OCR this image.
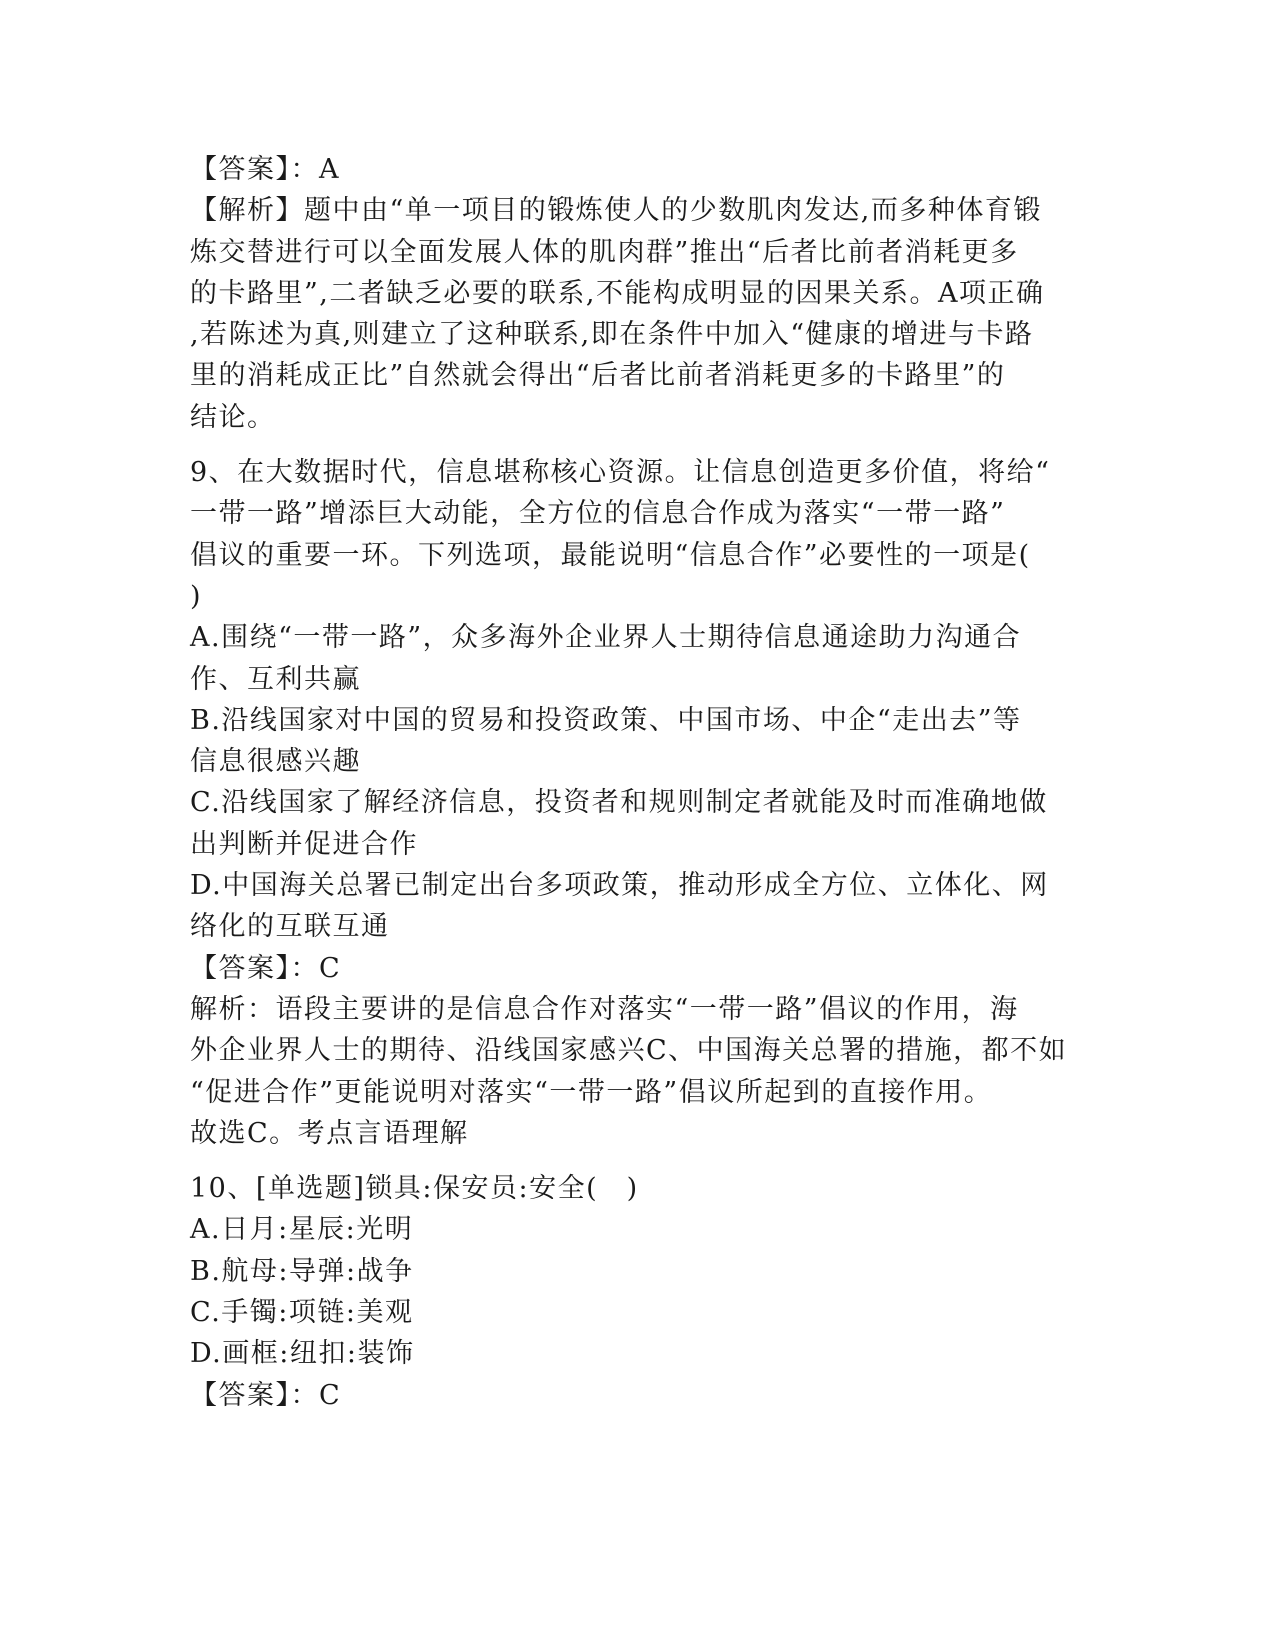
【答案】：A
【解析】题中由“单一项目的锻炼使人的少数肌肉发达,而多种体育锻
炼交替进行可以全面发展人体的肌肉群”推出“后者比前者消耗更多
的卡路里”,二者缺乏必要的联系,不能构成明显的因果关系。A项正确
,若陈述为真,则建立了这种联系,即在条件中加入“健康的增进与卡路
里的消耗成正比”自然就会得出“后者比前者消耗更多的卡路里”的
结论。
9、在大数据时代，信息堪称核心资源。让信息创造更多价值，将给“
一带一路”增添巨大动能，全方位的信息合作成为落实“一带一路”
倡议的重要一环。下列选项，最能说明“信息合作”必要性的一项是(
)
A.围绕“一带一路”，众多海外企业界人士期待信息通途助力沟通合
作、互利共赢
B.沿线国家对中国的贸易和投资政策、中国市场、中企“走出去”等
信息很感兴趣
C.沿线国家了解经济信息，投资者和规则制定者就能及时而准确地做
出判断并促进合作
D.中国海关总署已制定出台多项政策，推动形成全方位、立体化、网
络化的互联互通
【答案】：C
解析：语段主要讲的是信息合作对落实“一带一路”倡议的作用，海
外企业界人士的期待、沿线国家感兴C、中国海关总署的措施，都不如
“促进合作”更能说明对落实“一带一路”倡议所起到的直接作用。
故选C。考点言语理解
10、[单选题]锁具:保安员:安全(　)
A.日月:星辰:光明
B.航母:导弹:战争
C.手镯:项链:美观
D.画框:纽扣:装饰
【答案】：C
